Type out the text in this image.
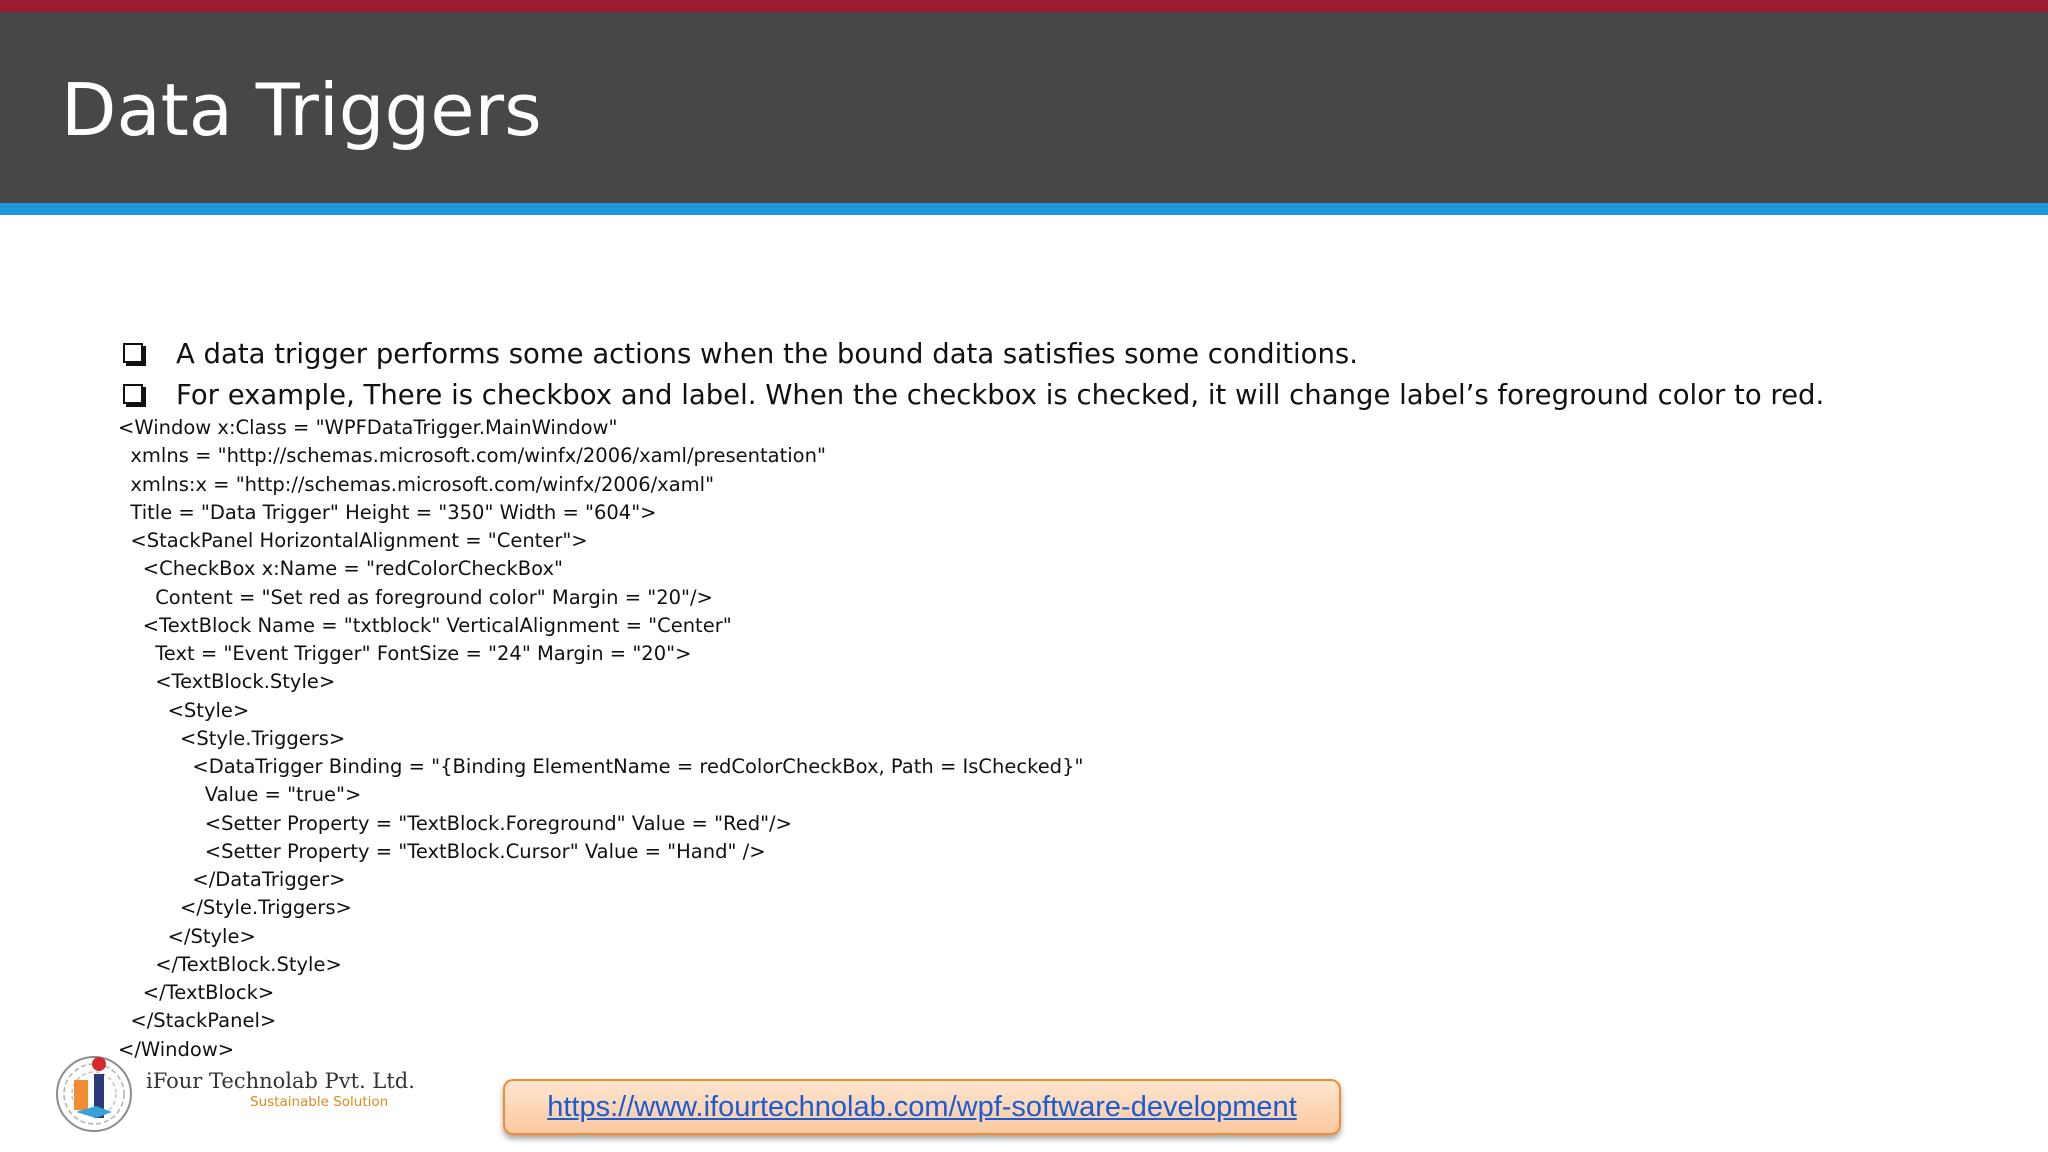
Data Triggers
A data trigger performs some actions when the bound data satisfies some conditions.
For example, There is checkbox and label. When the checkbox is checked, it will change label’s foreground color to red.
<Window x:Class = "WPFDataTrigger.MainWindow"
xmlns = "http://schemas.microsoft.com/winfx/2006/xaml/presentation"
xmlns:x = "http://schemas.microsoft.com/winfx/2006/xaml"
Title = "Data Trigger" Height = "350" Width = "604">
<StackPanel HorizontalAlignment = "Center">
<CheckBox x:Name = "redColorCheckBox"
Content = "Set red as foreground color" Margin = "20"/>
<TextBlock Name = "txtblock" VerticalAlignment = "Center"
Text = "Event Trigger" FontSize = "24" Margin = "20">
<TextBlock.Style>
<Style>
<Style.Triggers>
<DataTrigger Binding = "{Binding ElementName = redColorCheckBox, Path = IsChecked}"
Value = "true">
<Setter Property = "TextBlock.Foreground" Value = "Red"/>
<Setter Property = "TextBlock.Cursor" Value = "Hand" />
</DataTrigger>
</Style.Triggers>
</Style>
</TextBlock.Style>
</TextBlock>
</StackPanel>
</Window>
iFour Technolab Pvt. Ltd.
Sustainable Solution	https://www.ifourtechnolab.com/wpf-software-development
